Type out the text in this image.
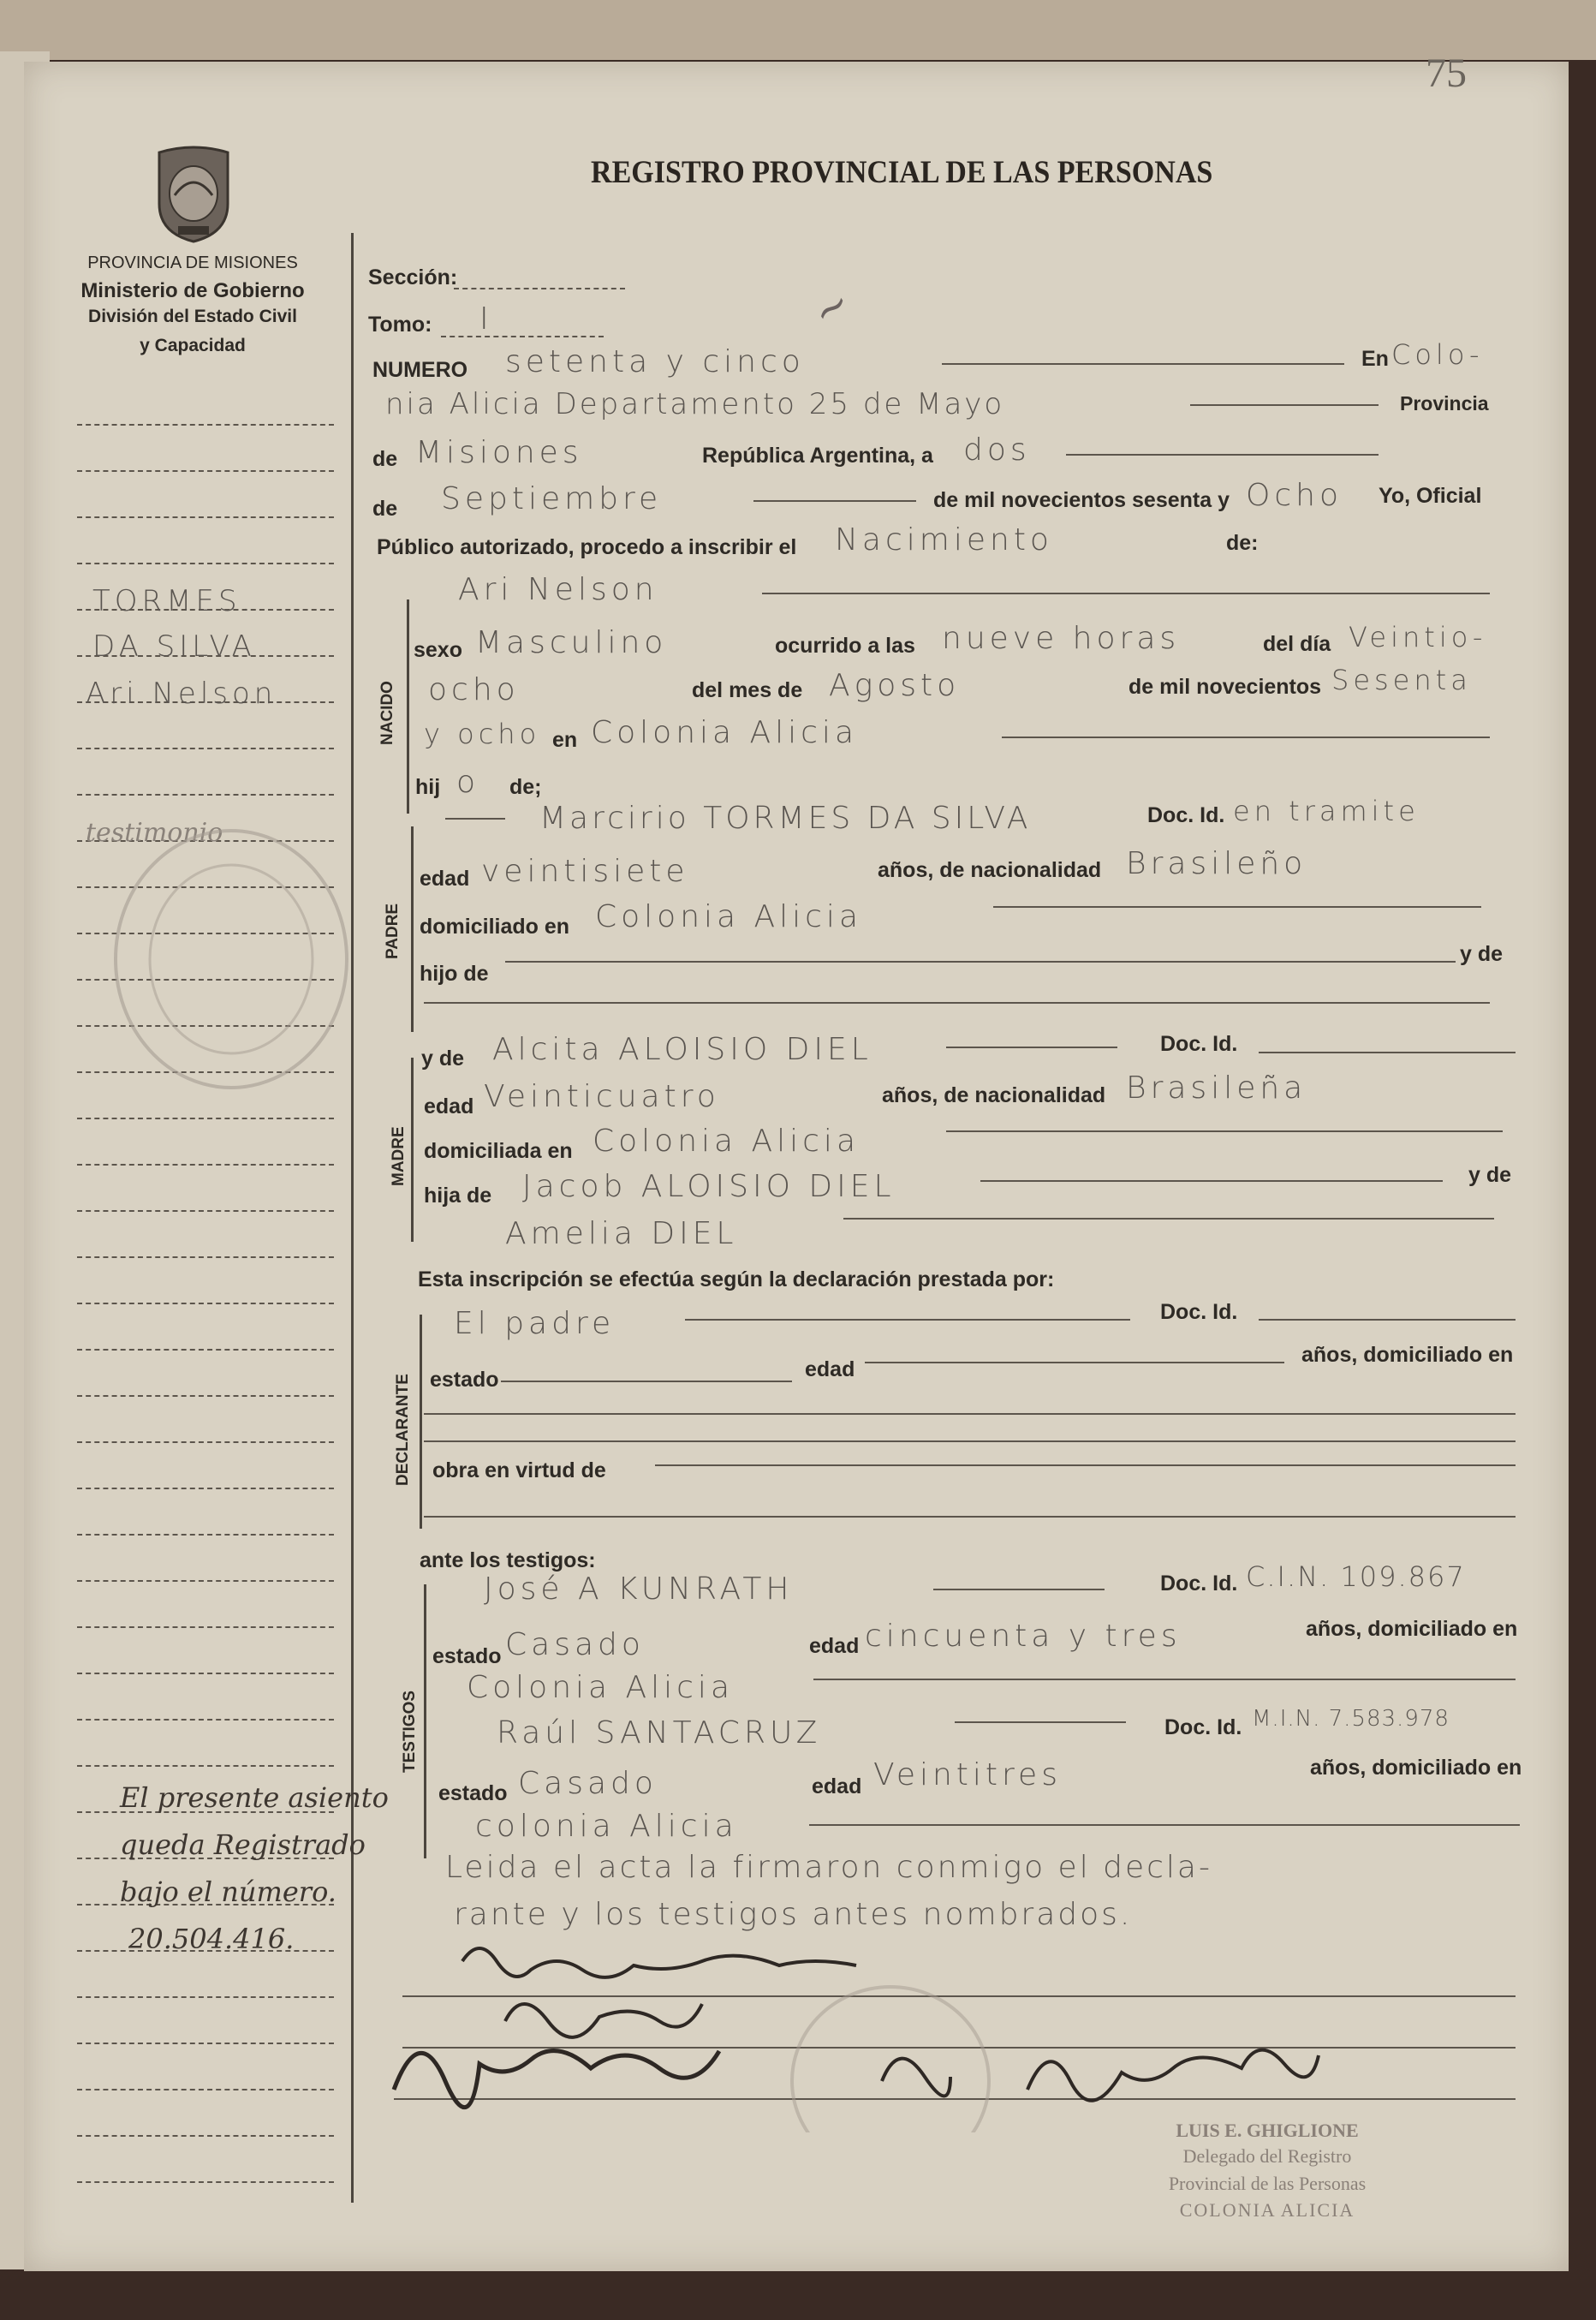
75
REGISTRO PROVINCIAL DE LAS PERSONAS
PROVINCIA DE MISIONES
Ministerio de Gobierno
División del Estado Civil
y Capacidad
TORMES.
DA SILVA
Ari Nelson
testimonio
El presente asiento
queda Registrado
bajo el número.
20.504.416.
~
Sección:
Tomo: I
NUMERO setenta y cinco	En Colo-
nia Alicia Departamento 25 de Mayo	Provincia
de Misiones	República Argentina, a dos
de Septiembre	de mil novecientos sesenta y Ocho Yo, Oficial
Público autorizado, procedo a inscribir el Nacimiento	de:
NACIDO
Ari Nelson
sexo Masculino	ocurrido a las nueve horas	del día Veintio-
ocho	del mes de Agosto	de mil novecientos Sesenta
y ocho en Colonia Alicia
hij o de;
PADRE
Marcirio TORMES DA SILVA	Doc. Id. en tramite
edad veintisiete	años, de nacionalidad Brasileño
domiciliado en Colonia Alicia
hijo de
y de
MADRE
y de Alcita ALOISIO DIEL	Doc. Id.
edad Veinticuatro	años, de nacionalidad Brasileña
domiciliada en Colonia Alicia
hija de Jacob ALOISIO DIEL	y de
Amelia DIEL
Esta inscripción se efectúa según la declaración prestada por:
DECLARANTE
El padre	Doc. Id.
estado	edad
años, domiciliado en
obra en virtud de
ante los testigos:
TESTIGOS
José A KUNRATH	Doc. Id. C.I.N. 109.867
estado Casado	edad cincuenta y tres	años, domiciliado en
Colonia Alicia
Raúl SANTACRUZ	Doc. Id. M.I.N. 7.583.978
estado Casado	edad Veintitres	años, domiciliado en
colonia Alicia
Leida el acta la firmaron conmigo el decla-
rante y los testigos antes nombrados.
LUIS E. GHIGLIONE
Delegado del Registro
Provincial de las Personas
COLONIA ALICIA
